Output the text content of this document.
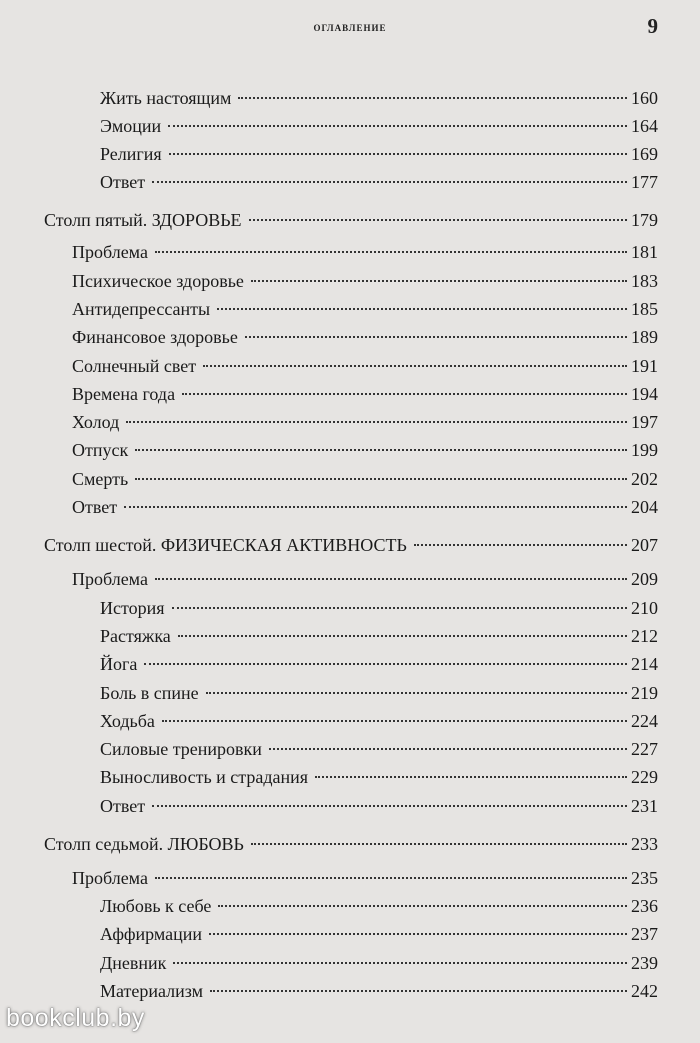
оглавление	9
Жить настоящим	160
Эмоции	164
Религия	169
Ответ	177
Столп пятый. ЗДОРОВЬЕ	179
Проблема	181
Психическое здоровье	183
Антидепрессанты	185
Финансовое здоровье	189
Солнечный свет	191
Времена года	194
Холод	197
Отпуск	199
Смерть	202
Ответ	204
Столп шестой. ФИЗИЧЕСКАЯ АКТИВНОСТЬ	207
Проблема	209
История	210
Растяжка	212
Йога	214
Боль в спине	219
Ходьба	224
Силовые тренировки	227
Выносливость и страдания	229
Ответ	231
Столп седьмой. ЛЮБОВЬ	233
Проблема	235
Любовь к себе	236
Аффирмации	237
Дневник	239
Материализм	242
bookclub.by
